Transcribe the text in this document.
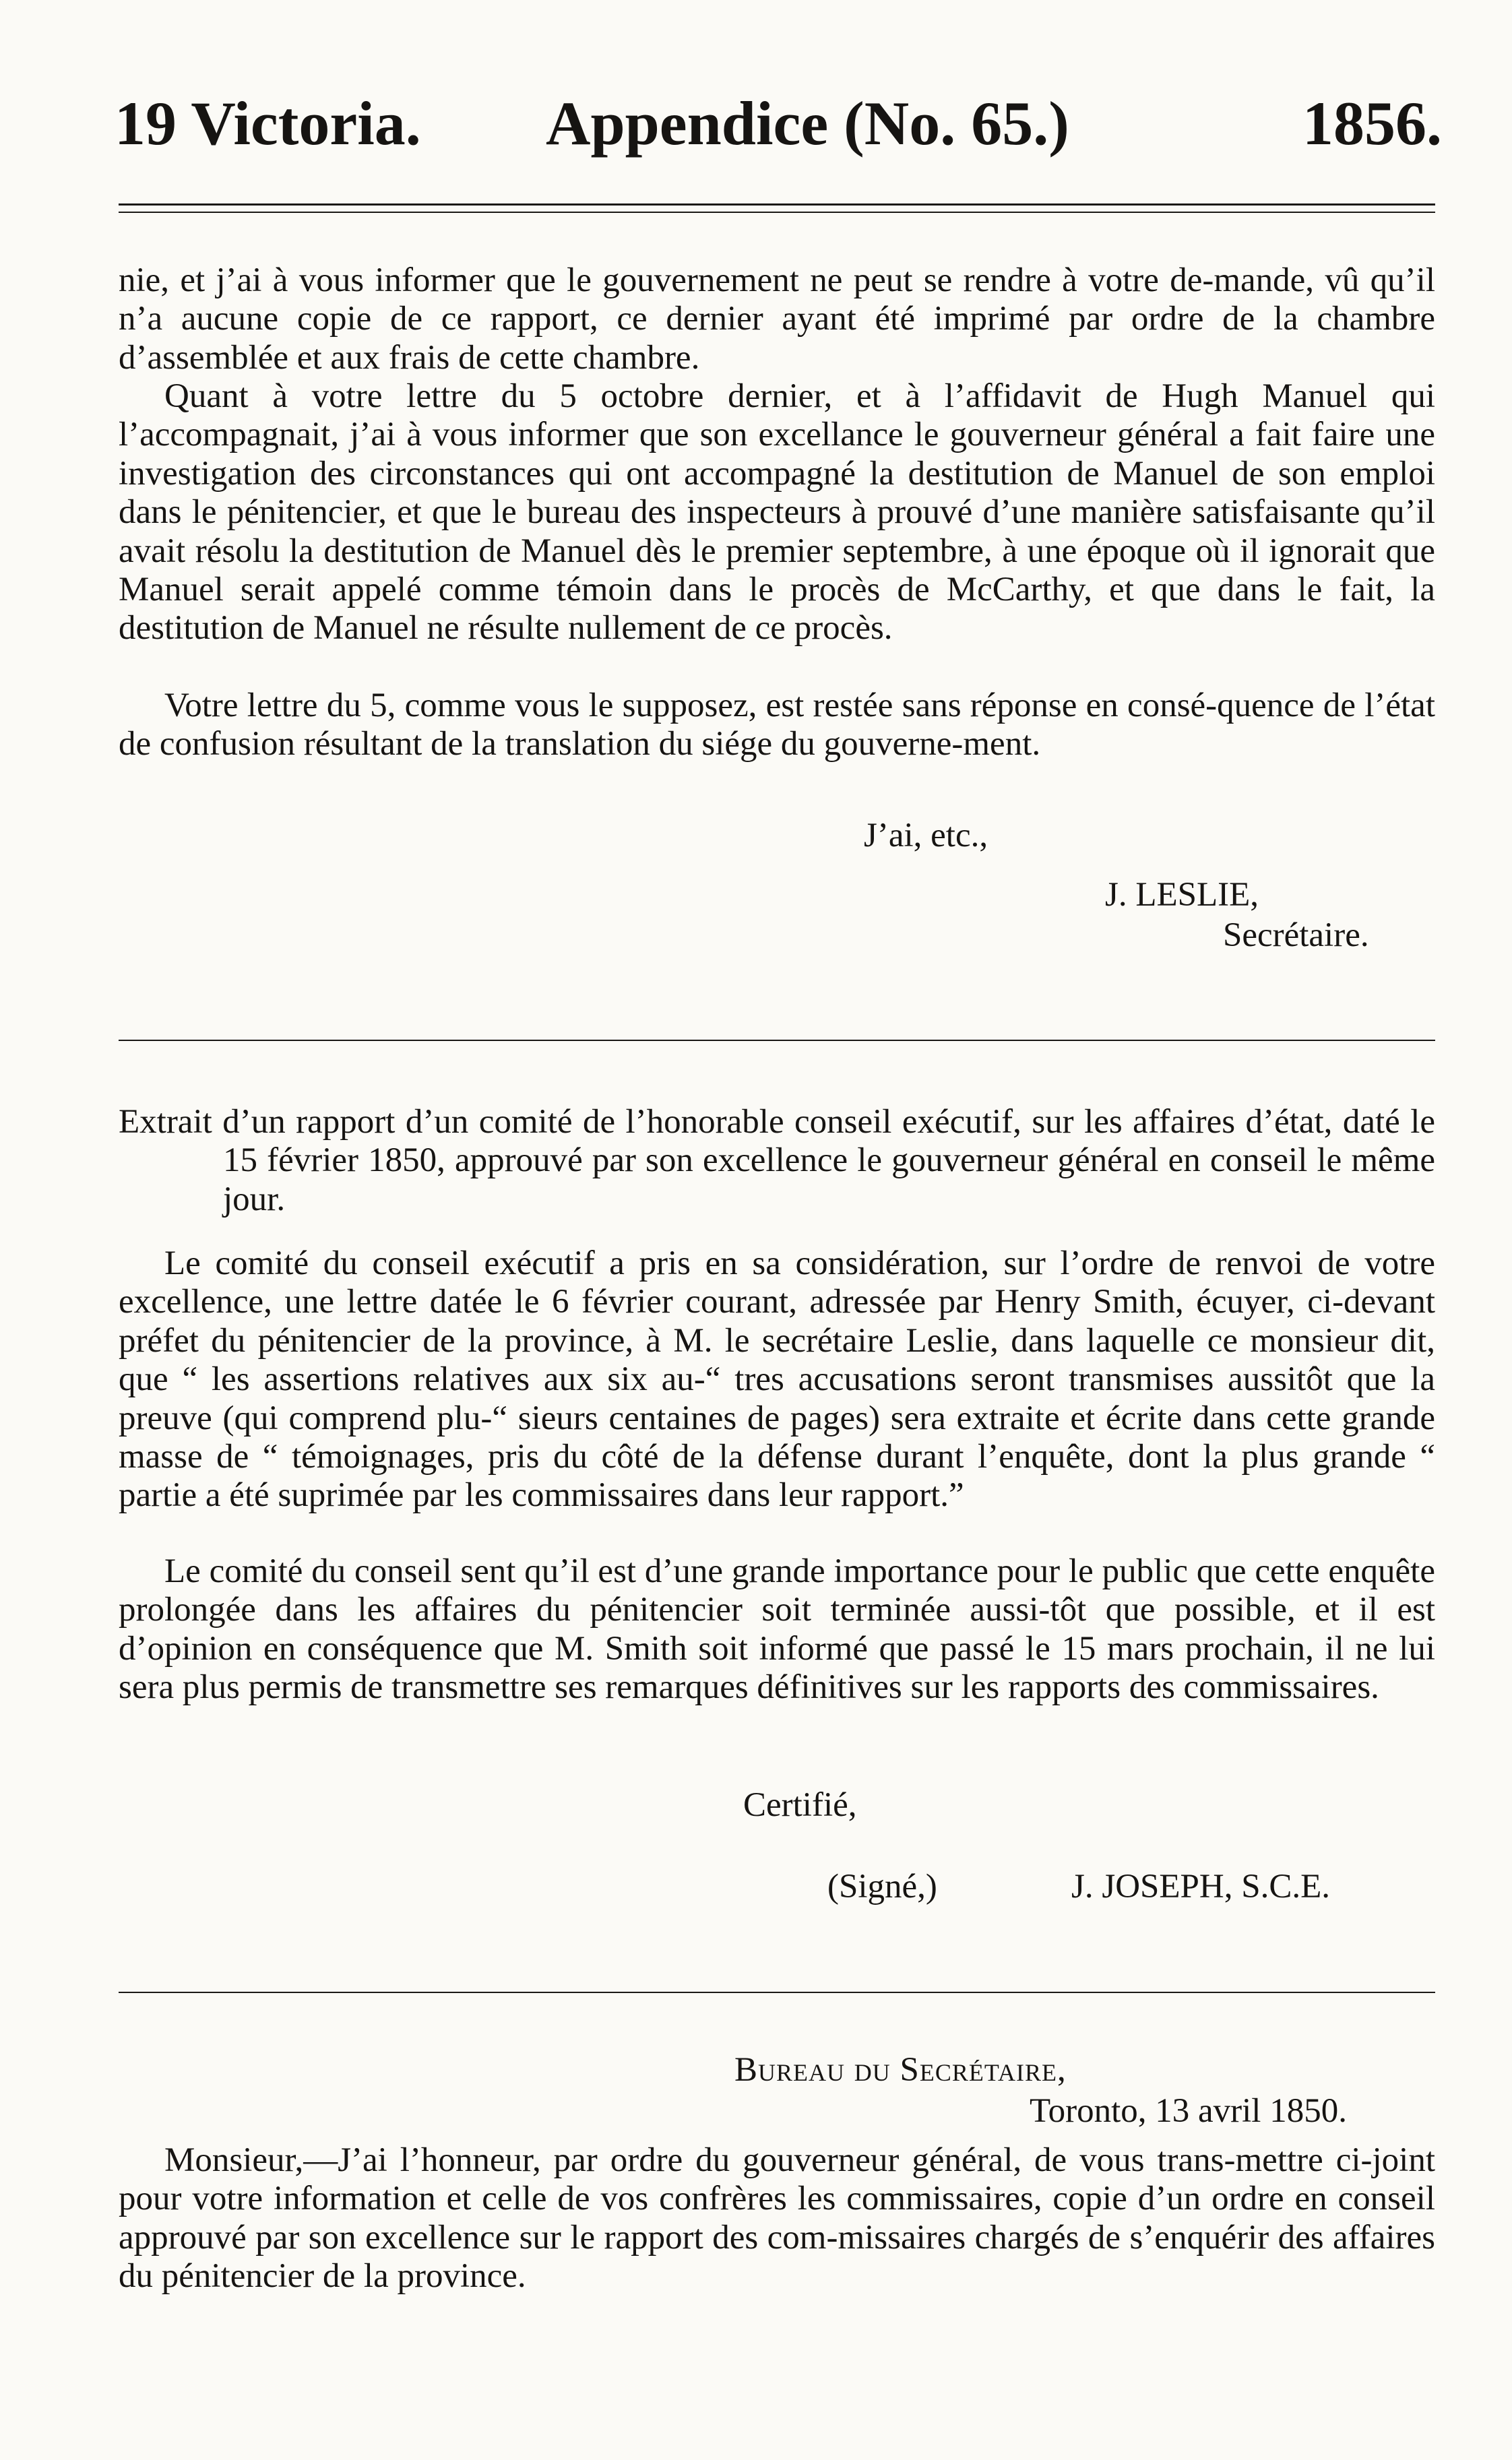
19 Victoria. Appendice (No. 65.)	1856.

nie, et j’ai à vous informer que le gouvernement ne peut se rendre à votre de-mande, vû qu’il n’a aucune copie de ce rapport, ce dernier ayant été imprimé par ordre de la chambre d’assemblée et aux frais de cette chambre.

Quant à votre lettre du 5 octobre dernier, et à l’affidavit de Hugh Manuel qui l’accompagnait, j’ai à vous informer que son excellance le gouverneur général a fait faire une investigation des circonstances qui ont accompagné la destitution de Manuel de son emploi dans le pénitencier, et que le bureau des inspecteurs à prouvé d’une manière satisfaisante qu’il avait résolu la destitution de Manuel dès le premier septembre, à une époque où il ignorait que Manuel serait appelé comme témoin dans le procès de McCarthy, et que dans le fait, la destitution de Manuel ne résulte nullement de ce procès.

Votre lettre du 5, comme vous le supposez, est restée sans réponse en consé-quence de l’état de confusion résultant de la translation du siége du gouverne-ment.

J’ai, etc.,
J. LESLIE,
Secrétaire.

Extrait d’un rapport d’un comité de l’honorable conseil exécutif, sur les affaires d’état, daté le 15 février 1850, approuvé par son excellence le gouverneur général en conseil le même jour.

Le comité du conseil exécutif a pris en sa considération, sur l’ordre de renvoi de votre excellence, une lettre datée le 6 février courant, adressée par Henry Smith, écuyer, ci-devant préfet du pénitencier de la province, à M. le secrétaire Leslie, dans laquelle ce monsieur dit, que “ les assertions relatives aux six au-“ tres accusations seront transmises aussitôt que la preuve (qui comprend plu-“ sieurs centaines de pages) sera extraite et écrite dans cette grande masse de “ témoignages, pris du côté de la défense durant l’enquête, dont la plus grande “ partie a été suprimée par les commissaires dans leur rapport.”

Le comité du conseil sent qu’il est d’une grande importance pour le public que cette enquête prolongée dans les affaires du pénitencier soit terminée aussi-tôt que possible, et il est d’opinion en conséquence que M. Smith soit informé que passé le 15 mars prochain, il ne lui sera plus permis de transmettre ses remarques définitives sur les rapports des commissaires.

Certifié,
(Signé,)	J. JOSEPH, S.C.E.
Bureau du Secrétaire,
Toronto, 13 avril 1850.

Monsieur,—J’ai l’honneur, par ordre du gouverneur général, de vous trans-mettre ci-joint pour votre information et celle de vos confrères les commissaires, copie d’un ordre en conseil approuvé par son excellence sur le rapport des com-missaires chargés de s’enquérir des affaires du pénitencier de la province.
